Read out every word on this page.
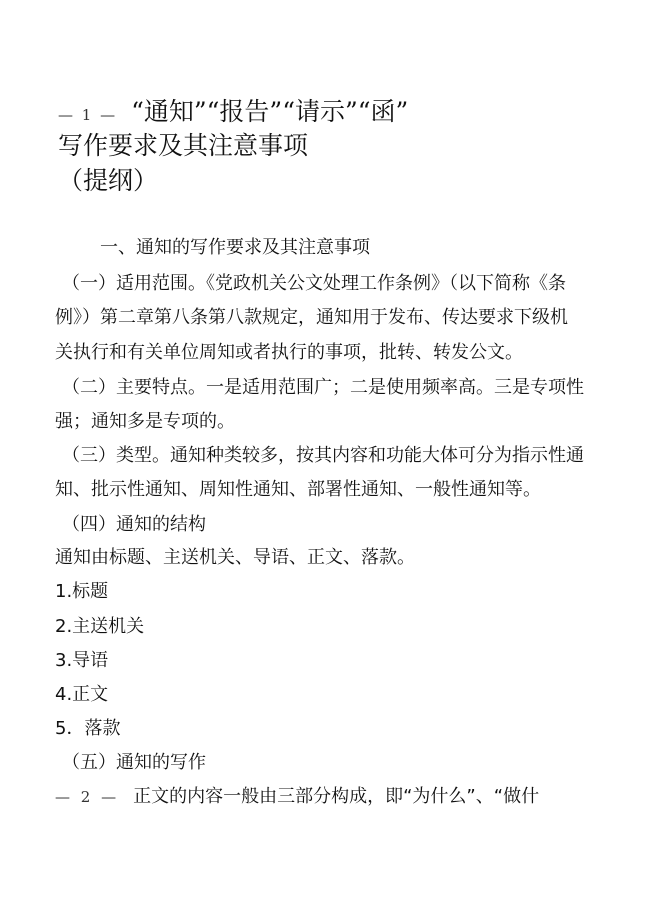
— 1 — “通知”“报告”“请示”“函”
写作要求及其注意事项
（提纲）
一、通知的写作要求及其注意事项
（一）适用范围。《党政机关公文处理工作条例》（以下简称《条
例》）第二章第八条第八款规定，通知用于发布、传达要求下级机
关执行和有关单位周知或者执行的事项，批转、转发公文。
（二）主要特点。一是适用范围广；二是使用频率高。三是专项性
强；通知多是专项的。
（三）类型。通知种类较多，按其内容和功能大体可分为指示性通
知、批示性通知、周知性通知、部署性通知、一般性通知等。
（四）通知的结构
通知由标题、主送机关、导语、正文、落款。
1.标题
2.主送机关
3.导语
4.正文
5．落款
（五）通知的写作
— 2 — 正文的内容一般由三部分构成，即“为什么”、“做什
